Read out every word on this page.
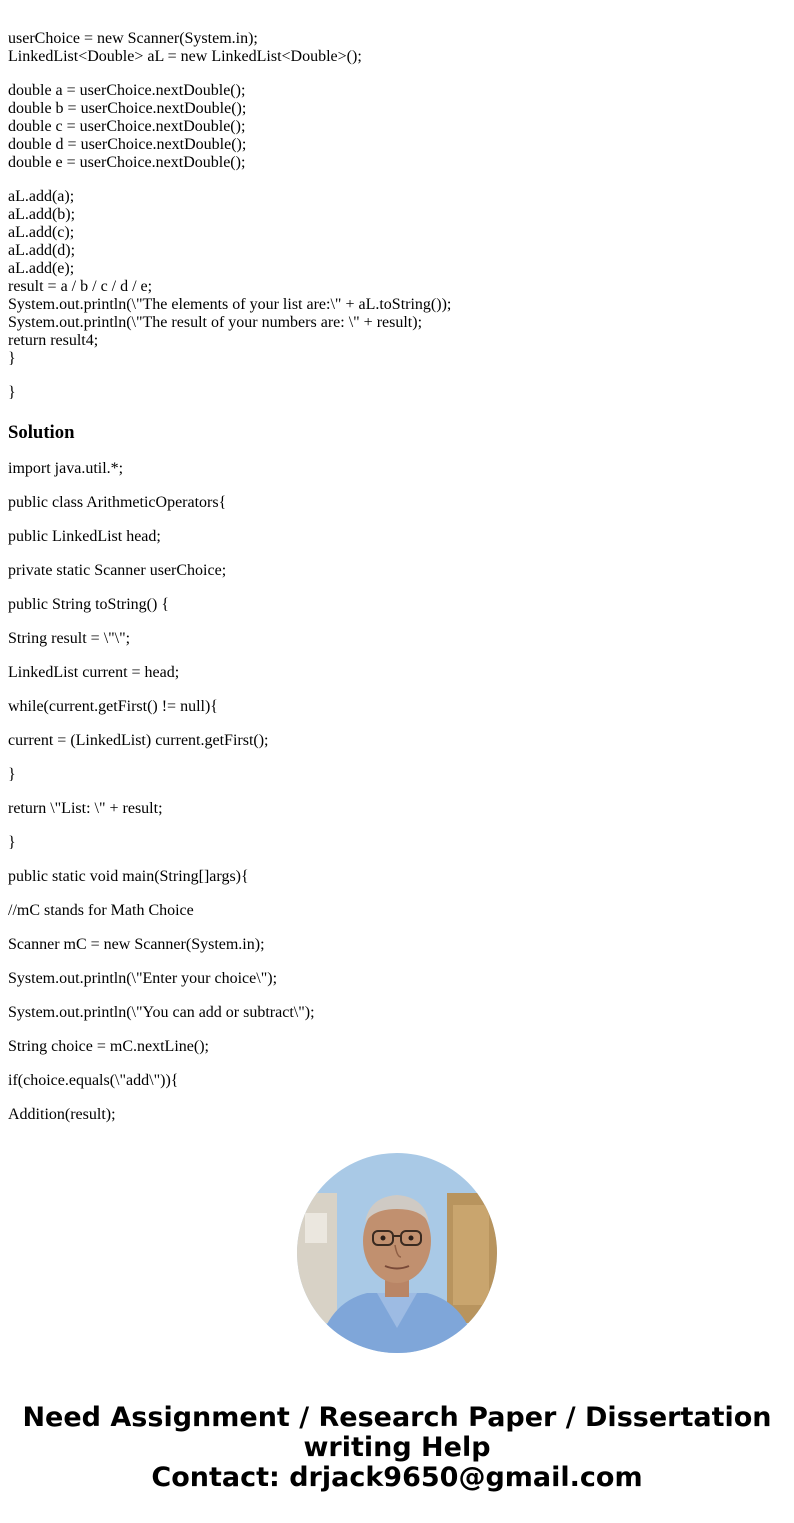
userChoice = new Scanner(System.in);
LinkedList<Double> aL = new LinkedList<Double>();
double a = userChoice.nextDouble();
double b = userChoice.nextDouble();
double c = userChoice.nextDouble();
double d = userChoice.nextDouble();
double e = userChoice.nextDouble();
aL.add(a);
aL.add(b);
aL.add(c);
aL.add(d);
aL.add(e);
result = a / b / c / d / e;
System.out.println(\"The elements of your list are:\" + aL.toString());
System.out.println(\"The result of your numbers are: \" + result);
return result4;
}
}
Solution
import java.util.*;
public class ArithmeticOperators{
public LinkedList head;
private static Scanner userChoice;
public String toString() {
String result = \"\";
LinkedList current = head;
while(current.getFirst() != null){
current = (LinkedList) current.getFirst();
}
return \"List: \" + result;
}
public static void main(String[]args){
//mC stands for Math Choice
Scanner mC = new Scanner(System.in);
System.out.println(\"Enter your choice\");
System.out.println(\"You can add or subtract\");
String choice = mC.nextLine();
if(choice.equals(\"add\")){
Addition(result);
Need Assignment / Research Paper / Dissertation
writing Help
Contact: drjack9650@gmail.com
